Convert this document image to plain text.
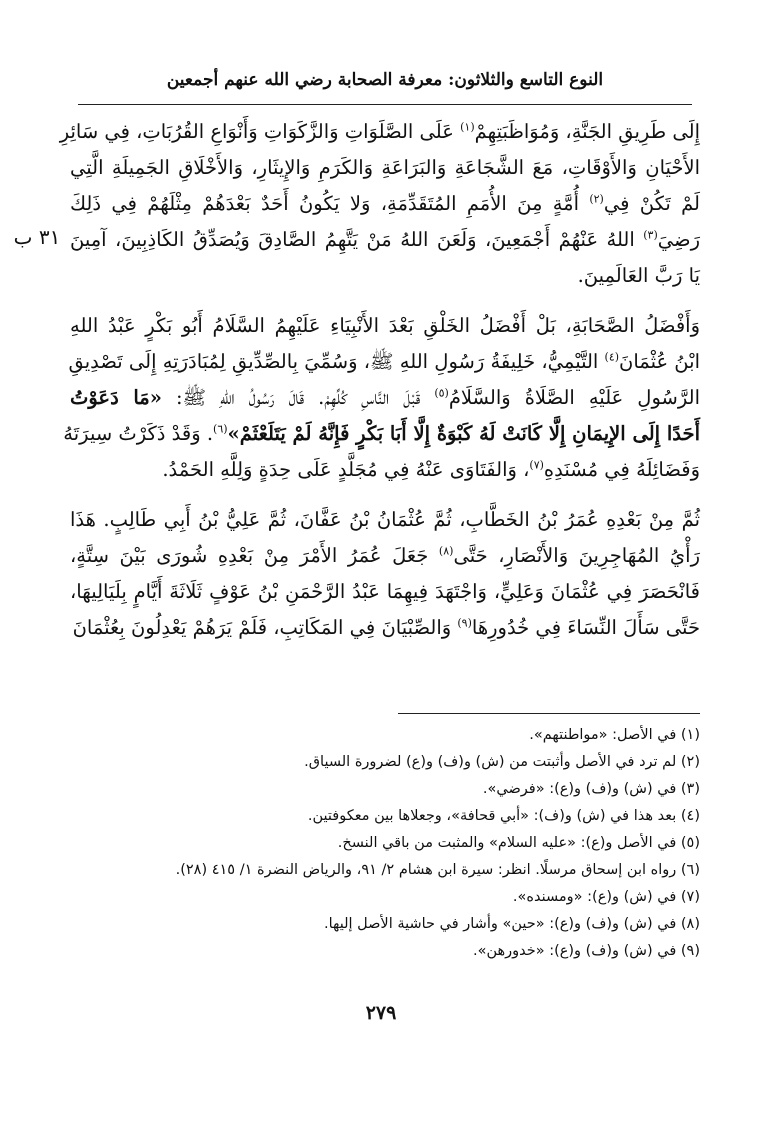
النوع التاسع والثلاثون: معرفة الصحابة رضي الله عنهم أجمعين
٣١ ب
إِلَى طَرِيقِ الجَنَّةِ، وَمُوَاظَبَتِهِمْ$^{(١)}$ عَلَى الصَّلَوَاتِ وَالزَّكَوَاتِ وَأَنْوَاعِ القُرُبَاتِ، فِي سَائِرِ
الأَحْيَانِ وَالأَوْقَاتِ، مَعَ الشَّجَاعَةِ وَالبَرَاعَةِ وَالكَرَمِ وَالإِيثَارِ، وَالأَخْلَاقِ الجَمِيلَةِ الَّتِي
لَمْ تَكُنْ فِي$^{(٢)}$ أُمَّةٍ مِنَ الأُمَمِ المُتَقَدِّمَةِ، وَلا يَكُونُ أَحَدٌ بَعْدَهُمْ مِثْلَهُمْ فِي ذَلِكَ
رَضِيَ$^{(٣)}$ اللهُ عَنْهُمْ أَجْمَعِينَ، وَلَعَنَ اللهُ مَنْ يَتَّهِمُ الصَّادِقَ وَيُصَدِّقُ الكَاذِبِينَ، آمِينَ
يَا رَبَّ العَالَمِينَ.
وَأَفْضَلُ الصَّحَابَةِ، بَلْ أَفْضَلُ الخَلْقِ بَعْدَ الأَنْبِيَاءِ عَلَيْهِمُ السَّلَامُ أَبُو بَكْرٍ عَبْدُ اللهِ
ابْنُ عُثْمَانَ$^{(٤)}$ التَّيْمِيُّ، خَلِيفَةُ رَسُولِ اللهِ ﷺ، وَسُمِّيَ بِالصِّدِّيقِ لِمُبَادَرَتِهِ إِلَى تَصْدِيقِ
الرَّسُولِ عَلَيْهِ الصَّلَاةُ وَالسَّلَامُ$^{(٥)}$ قَبْلَ النَّاسِ كُلِّهِمْ. قَالَ رَسُولُ اللهِ ﷺ: «مَا دَعَوْتُ
أَحَدًا إِلَى الإِيمَانِ إِلَّا كَانَتْ لَهُ كَبْوَةٌ إِلَّا أَبَا بَكْرٍ فَإِنَّهُ لَمْ يَتَلَعْثَمْ»$^{(٦)}$. وَقَدْ ذَكَرْتُ سِيرَتَهُ
وَفَضَائِلَهُ فِي مُسْنَدِهِ$^{(٧)}$، وَالفَتَاوَى عَنْهُ فِي مُجَلَّدٍ عَلَى حِدَةٍ وَلِلَّهِ الحَمْدُ.
ثُمَّ مِنْ بَعْدِهِ عُمَرُ بْنُ الخَطَّابِ، ثُمَّ عُثْمَانُ بْنُ عَفَّانَ، ثُمَّ عَلِيُّ بْنُ أَبِي طَالِبٍ. هَذَا
رَأْيُ المُهَاجِرِينَ وَالأَنْصَارِ، حَتَّى$^{(٨)}$ جَعَلَ عُمَرُ الأَمْرَ مِنْ بَعْدِهِ شُورَى بَيْنَ سِتَّةٍ،
فَانْحَصَرَ فِي عُثْمَانَ وَعَلِيٍّ، وَاجْتَهَدَ فِيهِمَا عَبْدُ الرَّحْمَنِ بْنُ عَوْفٍ ثَلَاثَةَ أَيَّامٍ بِلَيَالِيهَا،
حَتَّى سَأَلَ النِّسَاءَ فِي خُدُورِهَا$^{(٩)}$ وَالصِّبْيَانَ فِي المَكَاتِبِ، فَلَمْ يَرَهُمْ يَعْدِلُونَ بِعُثْمَانَ
(١) في الأصل: «مواطنتهم».
(٢) لم ترد في الأصل وأثبتت من (ش) و(ف) و(ع) لضرورة السياق.
(٣) في (ش) و(ف) و(ع): «فرضي».
(٤) بعد هذا في (ش) و(ف): «أبي قحافة»، وجعلاها بين معكوفتين.
(٥) في الأصل و(ع): «عليه السلام» والمثبت من باقي النسخ.
(٦) رواه ابن إسحاق مرسلًا. انظر: سيرة ابن هشام ٢/ ٩١، والرياض النضرة ١/ ٤١٥ (٢٨).
(٧) في (ش) و(ع): «ومسنده».
(٨) في (ش) و(ف) و(ع): «حين» وأشار في حاشية الأصل إليها.
(٩) في (ش) و(ف) و(ع): «خدورهن».
٢٧٩
